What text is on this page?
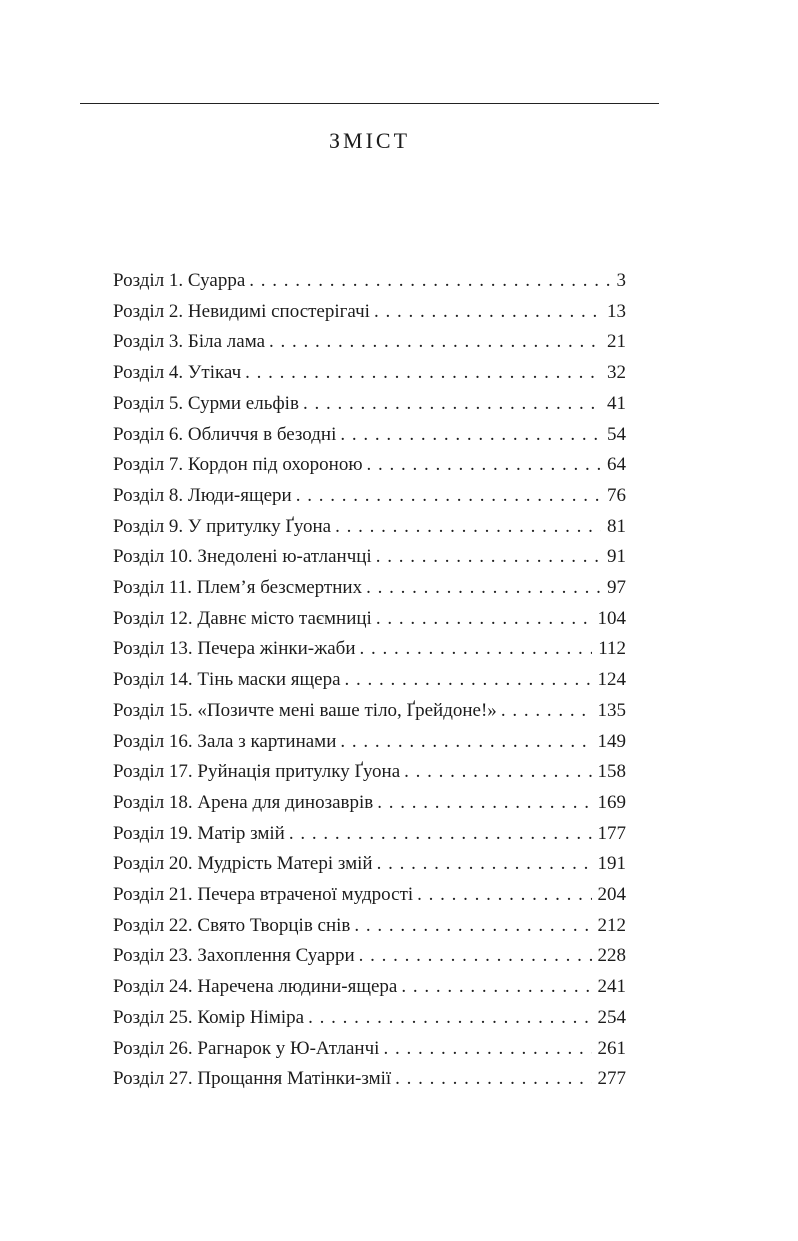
ЗМІСТ
Розділ 1. Суарра . . .	3
Розділ 2. Невидимі спостерігачі . . .	13
Розділ 3. Біла лама . . .	21
Розділ 4. Утікач . . .	32
Розділ 5. Сурми ельфів . . .	41
Розділ 6. Обличчя в безодні . . .	54
Розділ 7. Кордон під охороною . . .	64
Розділ 8. Люди-ящери . . .	76
Розділ 9. У притулку Ґуона . . .	81
Розділ 10. Знедолені ю-атланчці . . .	91
Розділ 11. Плем’я безсмертних . . .	97
Розділ 12. Давнє місто таємниці . . .	104
Розділ 13. Печера жінки-жаби . . .	112
Розділ 14. Тінь маски ящера . . .	124
Розділ 15. «Позичте мені ваше тіло, Ґрейдоне!» . . .	135
Розділ 16. Зала з картинами . . .	149
Розділ 17. Руйнація притулку Ґуона . . .	158
Розділ 18. Арена для динозаврів . . .	169
Розділ 19. Матір змій . . .	177
Розділ 20. Мудрість Матері змій . . .	191
Розділ 21. Печера втраченої мудрості . . .	204
Розділ 22. Свято Творців снів . . .	212
Розділ 23. Захоплення Суарри . . .	228
Розділ 24. Наречена людини-ящера . . .	241
Розділ 25. Комір Німіра . . .	254
Розділ 26. Рагнарок у Ю-Атланчі . . .	261
Розділ 27. Прощання Матінки-змії . . .	277
